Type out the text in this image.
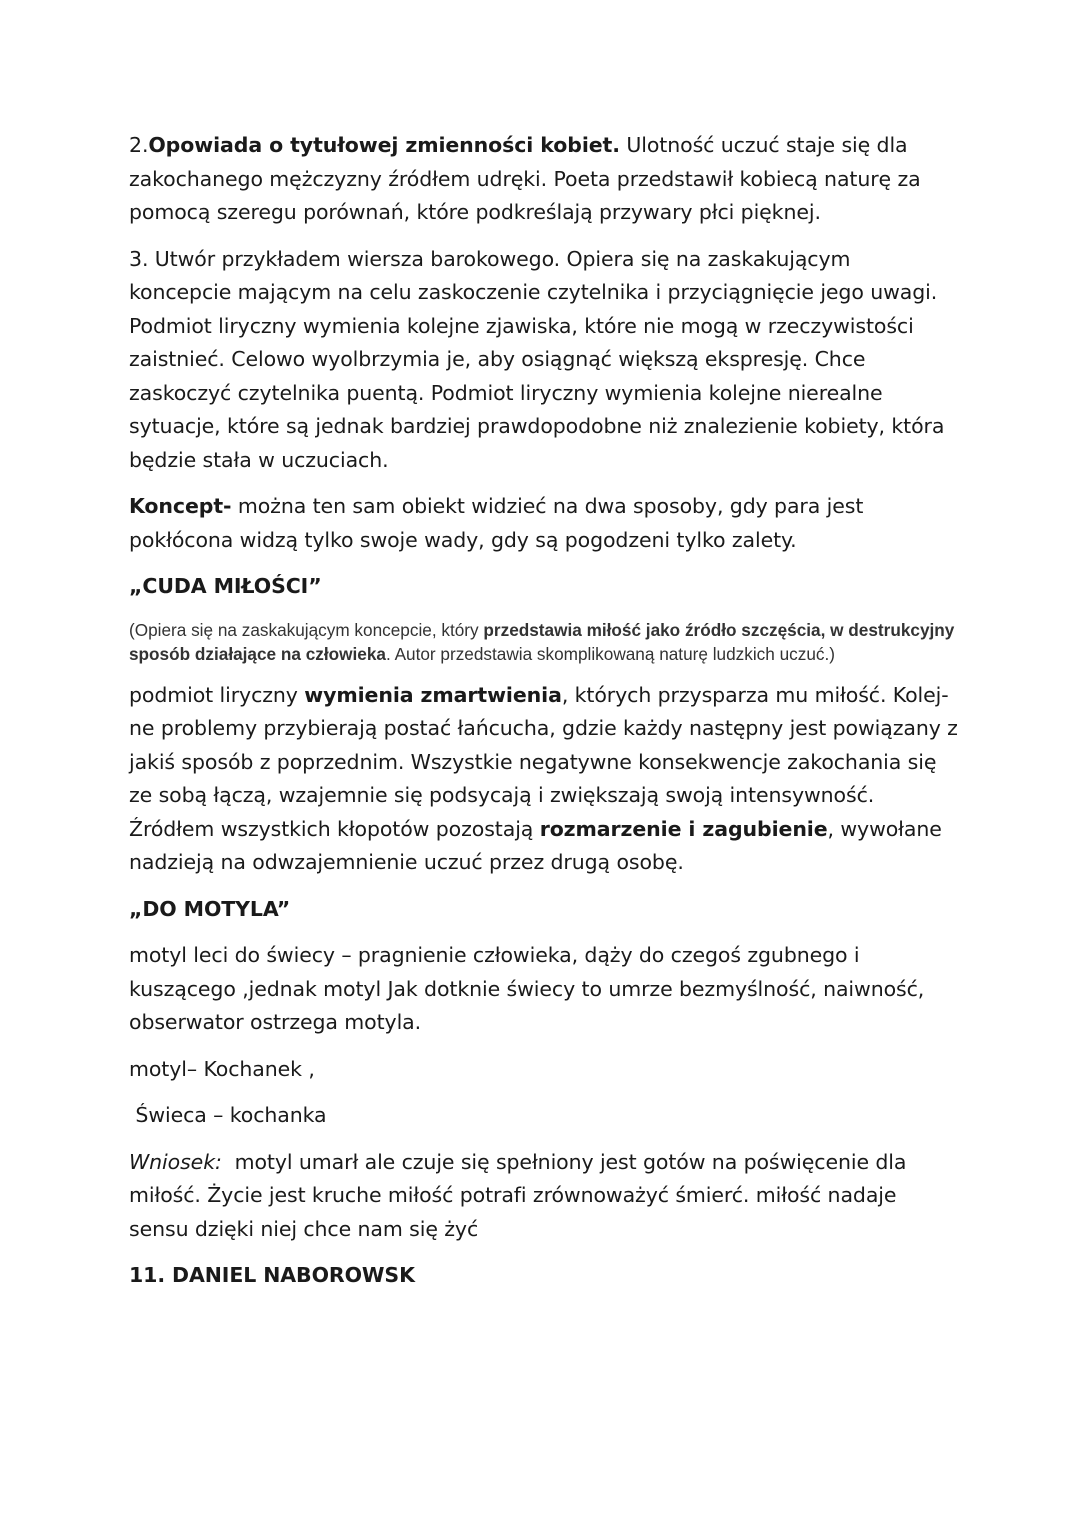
2.Opowiada o tytułowej zmienności kobiet. Ulotność uczuć staje się dla zakochanego mężczyzny źródłem udręki. Poeta przedstawił kobiecą naturę za pomocą szeregu porównań, które podkreślają przywary płci pięknej.

3. Utwór przykładem wiersza barokowego. Opiera się na zaskakującym koncepcie mającym na celu zaskoczenie czytelnika i przyciągnięcie jego uwagi. Podmiot liryczny wymienia kolejne zjawiska, które nie mogą w rzeczywistości zaistnieć. Celowo wyolbrzymia je, aby osiągnąć większą ekspresję. Chce zaskoczyć czytelnika puentą. Podmiot liryczny wymienia kolejne nierealne sytuacje, które są jednak bardziej prawdopodobne niż znalezienie kobiety, która będzie stała w uczuciach.

Koncept- można ten sam obiekt widzieć na dwa sposoby, gdy para jest pokłócona widzą tylko swoje wady, gdy są pogodzeni tylko zalety.

„CUDA MIŁOŚCI”

(Opiera się na zaskakującym koncepcie, który przedstawia miłość jako źródło szczęścia, w destrukcyjny sposób działające na człowieka. Autor przedstawia skomplikowaną naturę ludzkich uczuć.)

podmiot liryczny wymienia zmartwienia, których przysparza mu miłość. Kolej-ne problemy przybierają postać łańcucha, gdzie każdy następny jest powiązany z jakiś sposób z poprzednim. Wszystkie negatywne konsekwencje zakochania się ze sobą łączą, wzajemnie się podsycają i zwiększają swoją intensywność. Źródłem wszystkich kłopotów pozostają rozmarzenie i zagubienie, wywołane nadzieją na odwzajemnienie uczuć przez drugą osobę.

„DO MOTYLA”

motyl leci do świecy – pragnienie człowieka, dąży do czegoś zgubnego i kuszącego ,jednak motyl Jak dotknie świecy to umrze bezmyślność, naiwność, obserwator ostrzega motyla.

motyl– Kochanek ,

Świeca – kochanka

Wniosek:  motyl umarł ale czuje się spełniony jest gotów na poświęcenie dla miłość. Życie jest kruche miłość potrafi zrównoważyć śmierć. miłość nadaje sensu dzięki niej chce nam się żyć

11. DANIEL NABOROWSK
